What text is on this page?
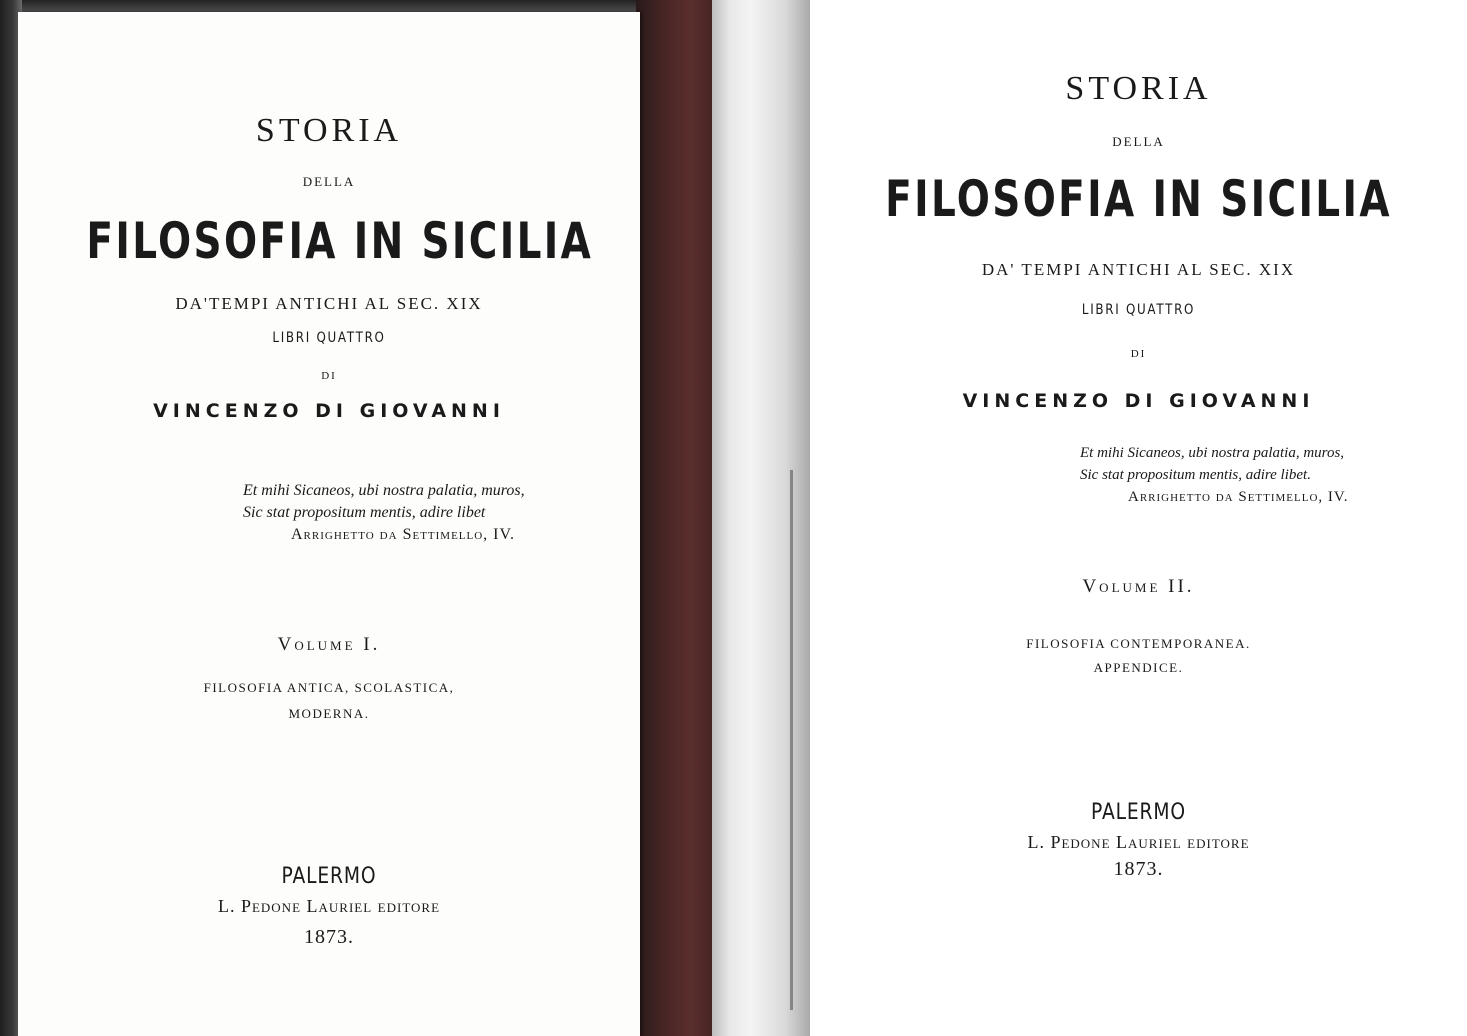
STORIA
DELLA
FILOSOFIA IN SICILIA
DA'TEMPI ANTICHI AL SEC. XIX
LIBRI QUATTRO
DI
VINCENZO DI GIOVANNI
Et mihi Sicaneos, ubi nostra palatia, muros,
Sic stat propositum mentis, adire libet
Arrighetto da Settimello, IV.
Volume I.
FILOSOFIA ANTICA, SCOLASTICA,
MODERNA.
PALERMO
L. Pedone Lauriel editore
1873.
STORIA
DELLA
FILOSOFIA IN SICILIA
DA' TEMPI ANTICHI AL SEC. XIX
LIBRI QUATTRO
DI
VINCENZO DI GIOVANNI
Et mihi Sicaneos, ubi nostra palatia, muros,
Sic stat propositum mentis, adire libet.
Arrighetto da Settimello, IV.
Volume II.
FILOSOFIA CONTEMPORANEA.
APPENDICE.
PALERMO
L. Pedone Lauriel editore
1873.
